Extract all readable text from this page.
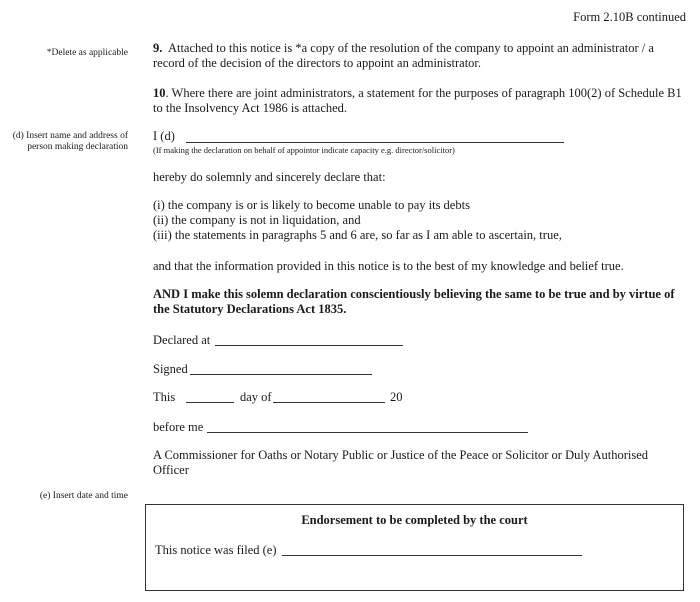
Form 2.10B continued
*Delete as applicable
(d) Insert name and address of person making declaration
(e) Insert date and time
9. Attached to this notice is *a copy of the resolution of the company to appoint an administrator / a record of the decision of the directors to appoint an administrator.
10. Where there are joint administrators, a statement for the purposes of paragraph 100(2) of Schedule B1 to the Insolvency Act 1986 is attached.
I (d)
(If making the declaration on behalf of appointor indicate capacity e.g. director/solicitor)
hereby do solemnly and sincerely declare that:
(i) the company is or is likely to become unable to pay its debts
(ii) the company is not in liquidation, and
(iii) the statements in paragraphs 5 and 6 are, so far as I am able to ascertain, true,
and that the information provided in this notice is to the best of my knowledge and belief true.
AND I make this solemn declaration conscientiously believing the same to be true and by virtue of the Statutory Declarations Act 1835.
Declared at
Signed
This	day of	20
before me
A Commissioner for Oaths or Notary Public or Justice of the Peace or Solicitor or Duly Authorised Officer
Endorsement to be completed by the court
This notice was filed (e)
